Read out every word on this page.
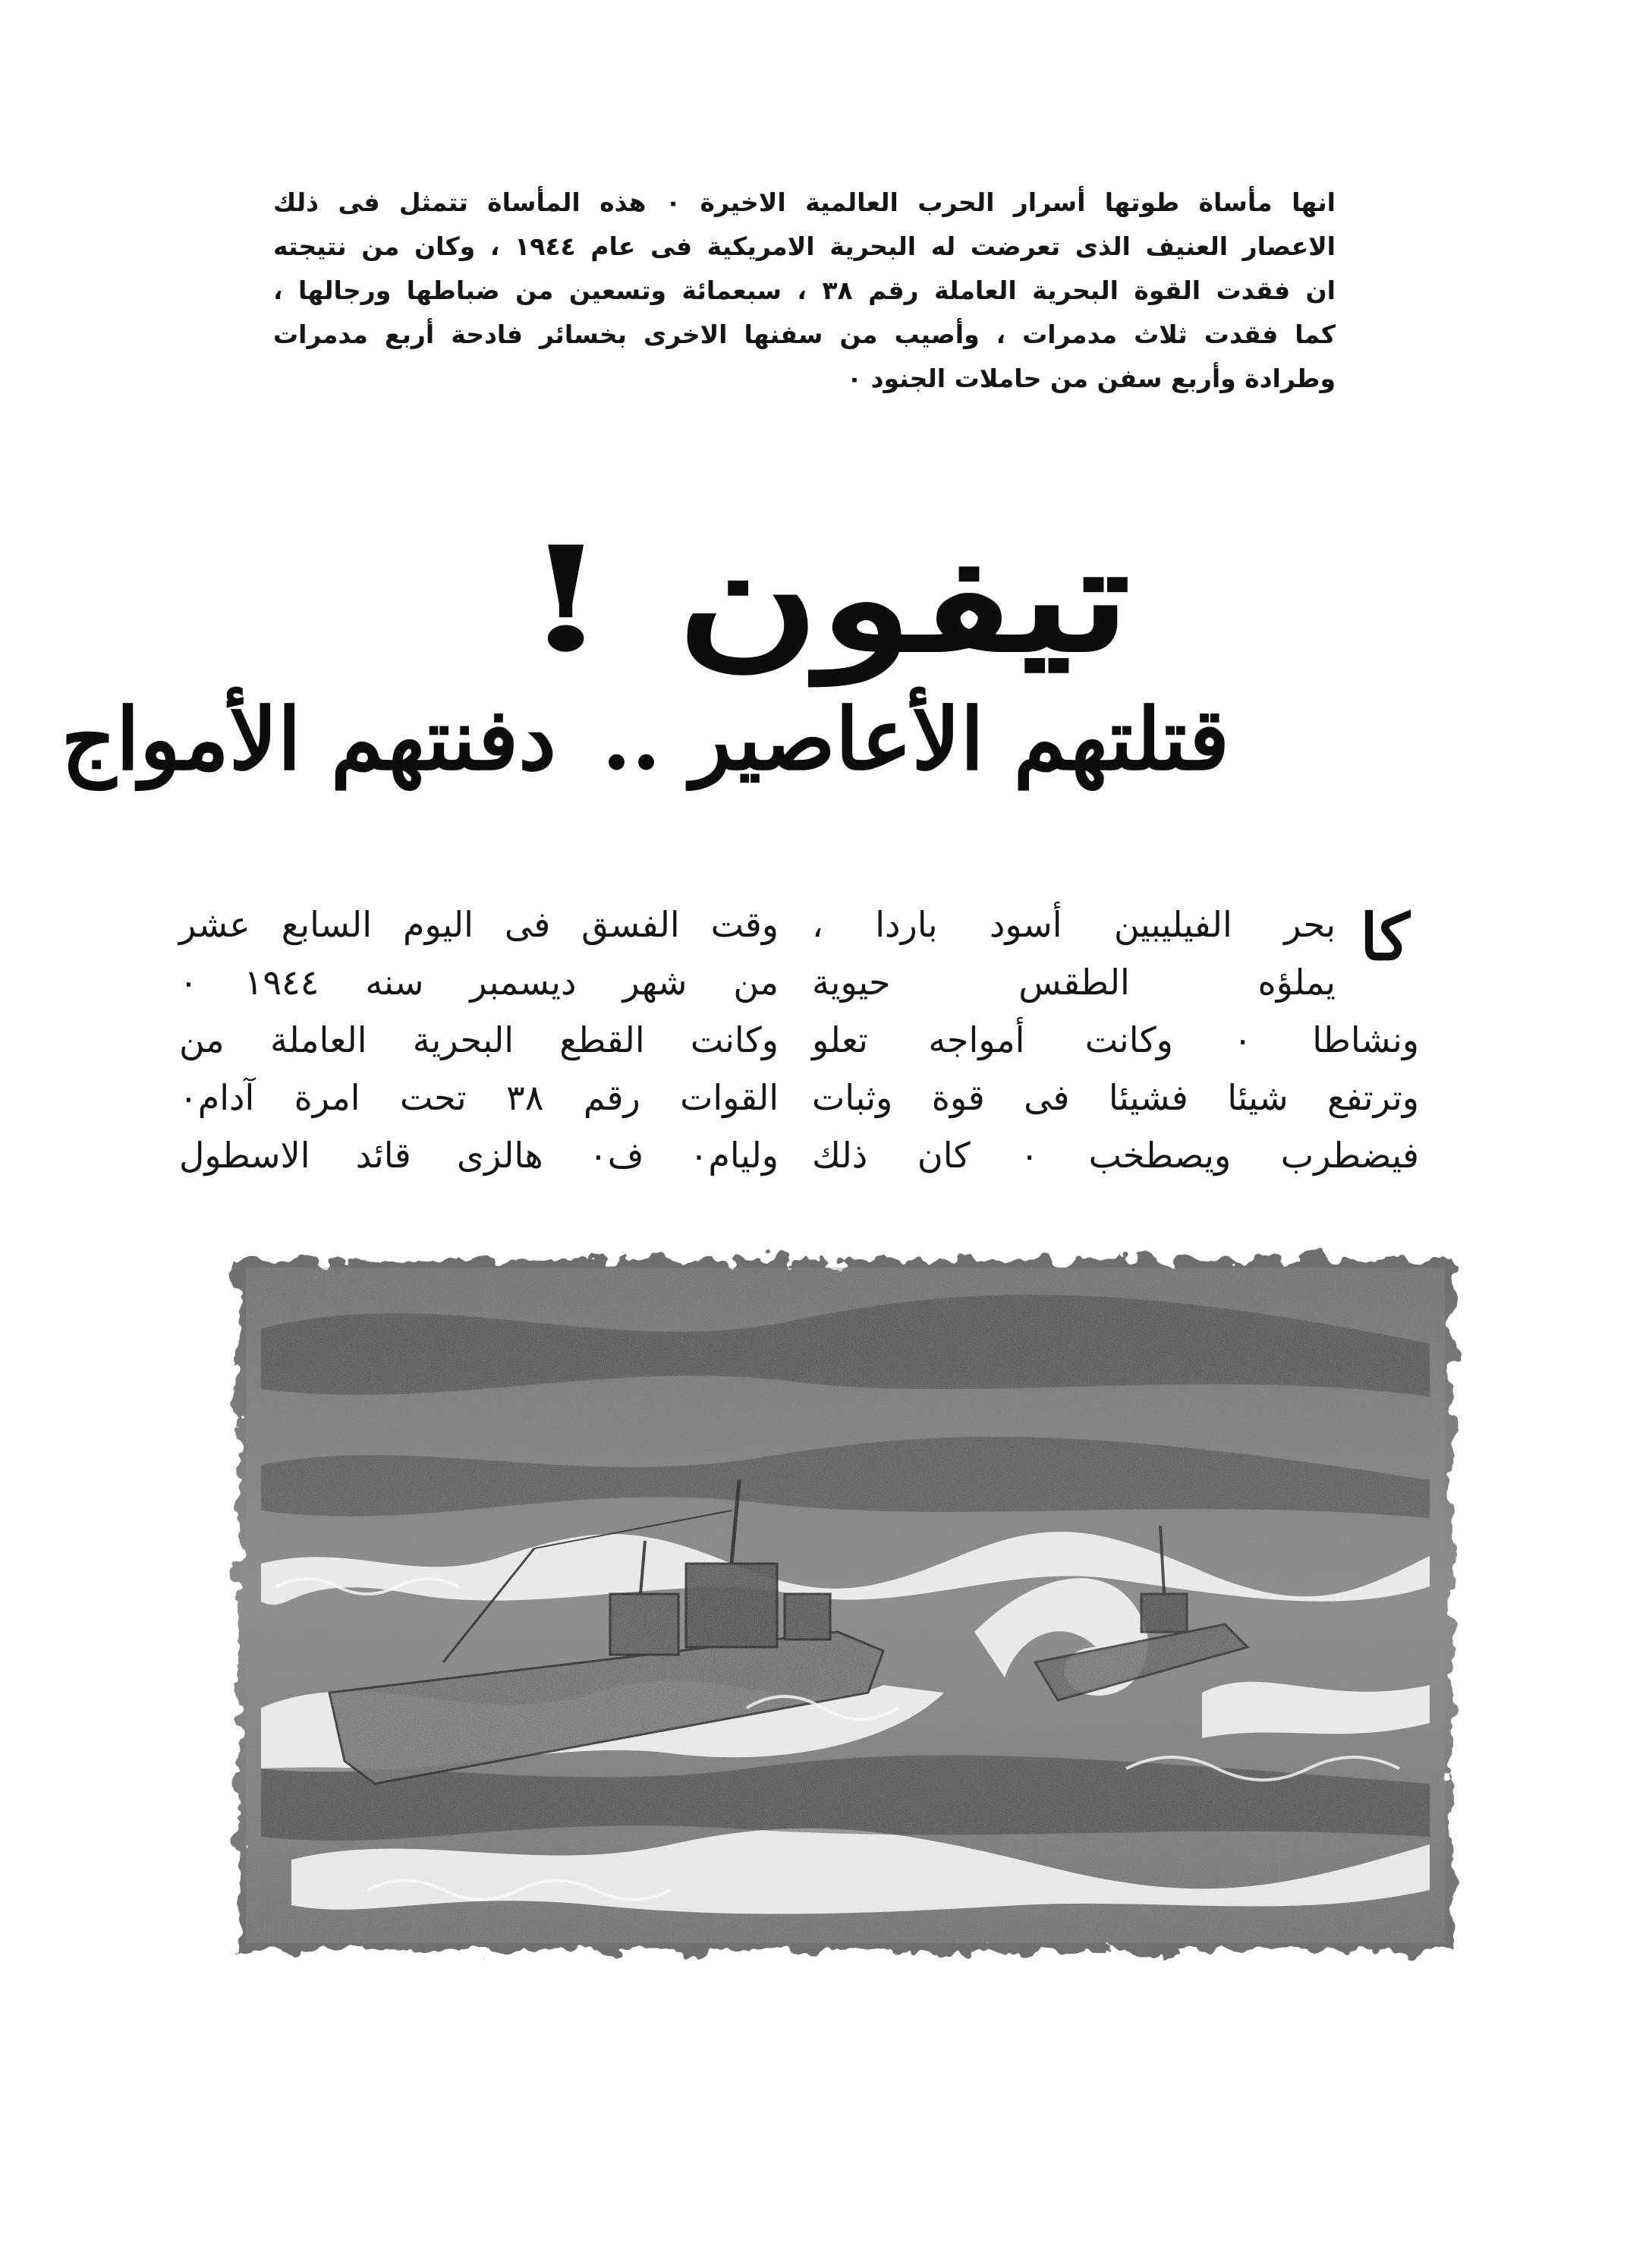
انها مأساة طوتها أسرار الحرب العالمية الاخيرة ٠ هذه المأساة تتمثل فى ذلك
الاعصار العنيف الذى تعرضت له البحرية الامريكية فى عام ١٩٤٤ ، وكان من نتيجته
ان فقدت القوة البحرية العاملة رقم ٣٨ ، سبعمائة وتسعين من ضباطها ورجالها ،
كما فقدت ثلاث مدمرات ، وأصيب من سفنها الاخرى بخسائر فادحة أربع مدمرات
وطرادة وأربع سفن من حاملات الجنود ٠
تيفون !
قتلتهم الأعاصير ..دفنتهم الأمواج
كا
بحر الفيليبين أسود باردا ،
يملؤه الطقس حيوية
ونشاطا ٠ وكانت أمواجه تعلو
وترتفع شيئا فشيئا فى قوة وثبات
فيضطرب ويصطخب ٠ كان ذلك
وقت الفسق فى اليوم السابع عشر
من شهر ديسمبر سنه ١٩٤٤ ٠
وكانت القطع البحرية العاملة من
القوات رقم ٣٨ تحت امرة آدام٠
وليام٠ ف٠ هالزى قائد الاسطول
